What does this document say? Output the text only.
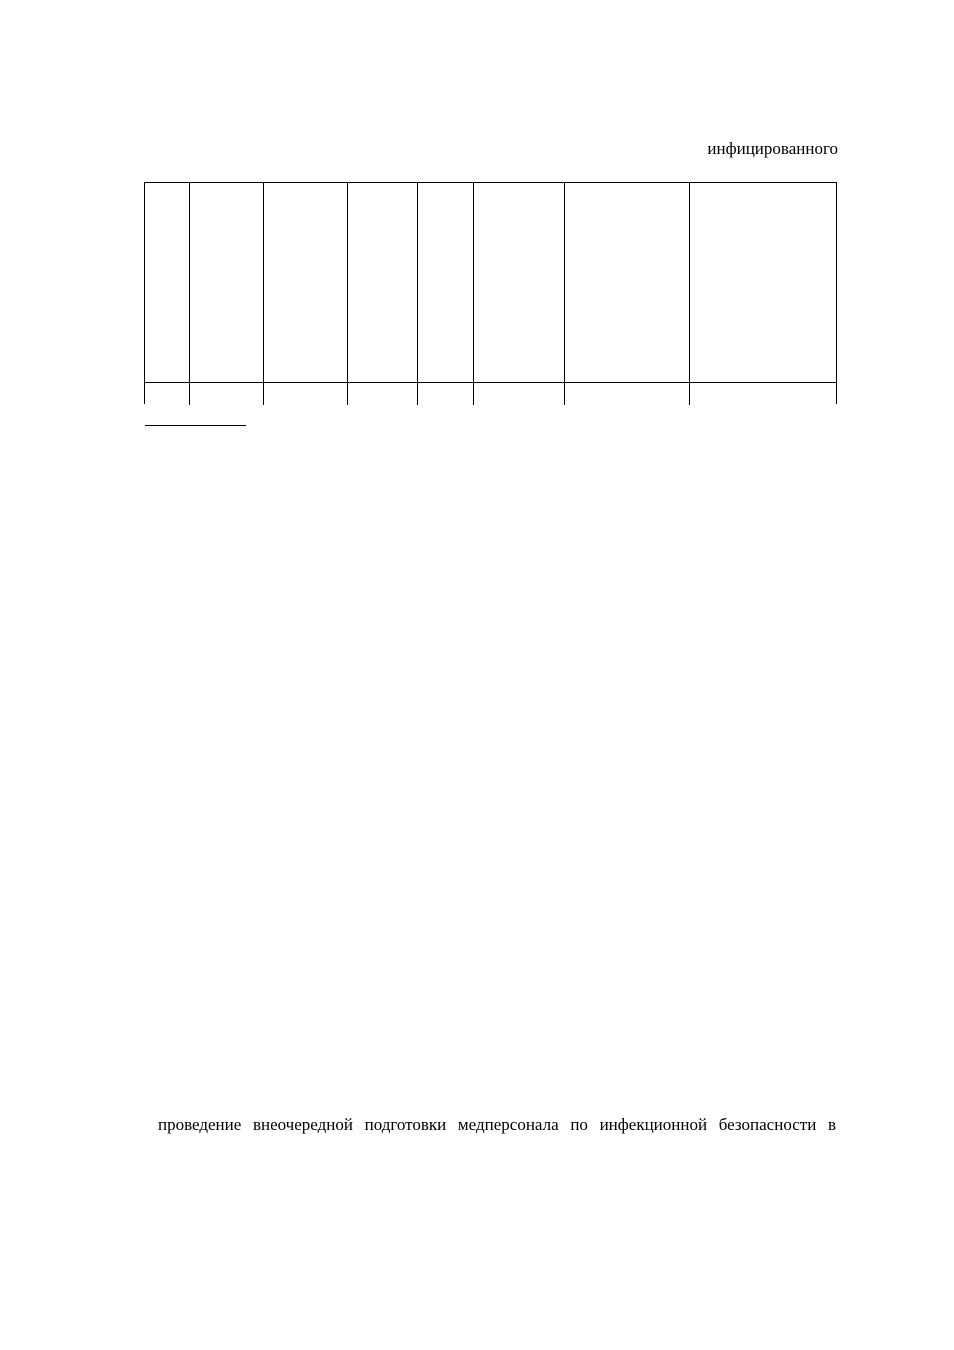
инфицированного
проведение внеочередной подготовки медперсонала по инфекционной безопасности в
